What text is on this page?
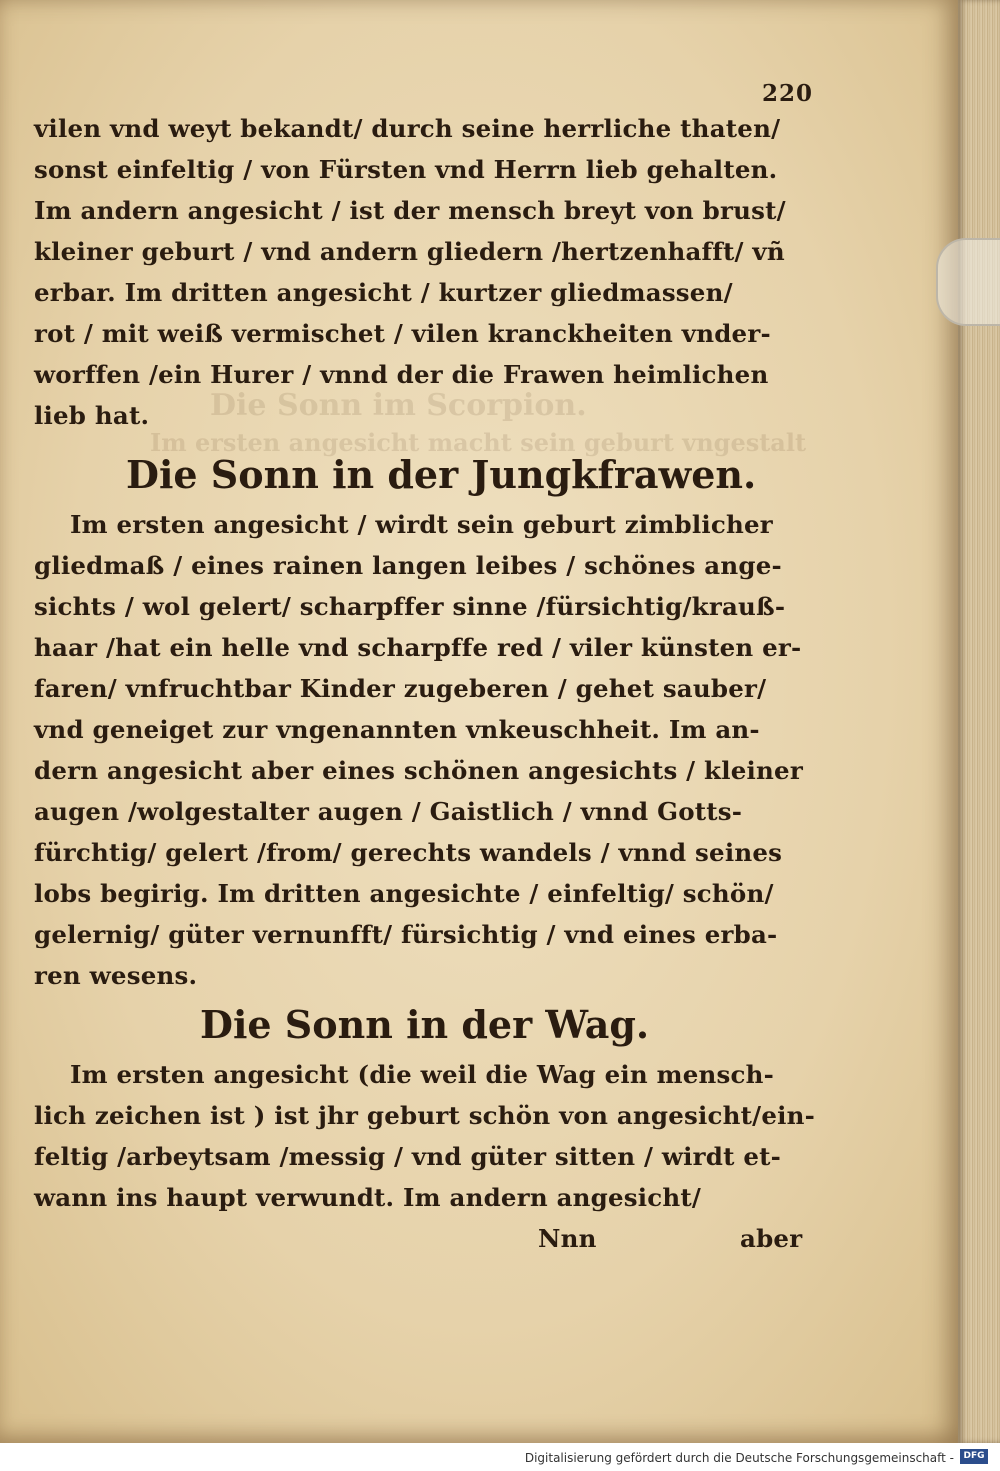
Die Sonn im Scorpion.
Im ersten angesicht macht sein geburt vngestalt
220
vilen vnd weyt bekandt/ durch seine herrliche thaten/
sonst einfeltig / von Fürsten vnd Herrn lieb gehalten.
Im andern angesicht / ist der mensch breyt von brust/
kleiner geburt / vnd andern gliedern /hertzenhafft/ vñ
erbar. Im dritten angesicht / kurtzer gliedmassen/
rot / mit weiß vermischet / vilen kranckheiten vnder-
worffen /ein Hurer / vnnd der die Frawen heimlichen
lieb hat.
Die Sonn in der Jungkfrawen.
Im ersten angesicht / wirdt sein geburt zimblicher
gliedmaß / eines rainen langen leibes / schönes ange-
sichts / wol gelert/ scharpffer sinne /fürsichtig/krauß-
haar /hat ein helle vnd scharpffe red / viler künsten er-
faren/ vnfruchtbar Kinder zugeberen / gehet sauber/
vnd geneiget zur vngenannten vnkeuschheit. Im an-
dern angesicht aber eines schönen angesichts / kleiner
augen /wolgestalter augen / Gaistlich / vnnd Gotts-
fürchtig/ gelert /from/ gerechts wandels / vnnd seines
lobs begirig. Im dritten angesichte / einfeltig/ schön/
gelernig/ güter vernunfft/ fürsichtig / vnd eines erba-
ren wesens.
Die Sonn in der Wag.
Im ersten angesicht (die weil die Wag ein mensch-
lich zeichen ist ) ist jhr geburt schön von angesicht/ein-
feltig /arbeytsam /messig / vnd güter sitten / wirdt et-
wann ins haupt verwundt. Im andern angesicht/
Nnn	aber
Digitalisierung gefördert durch die Deutsche Forschungsgemeinschaft -	DFG
